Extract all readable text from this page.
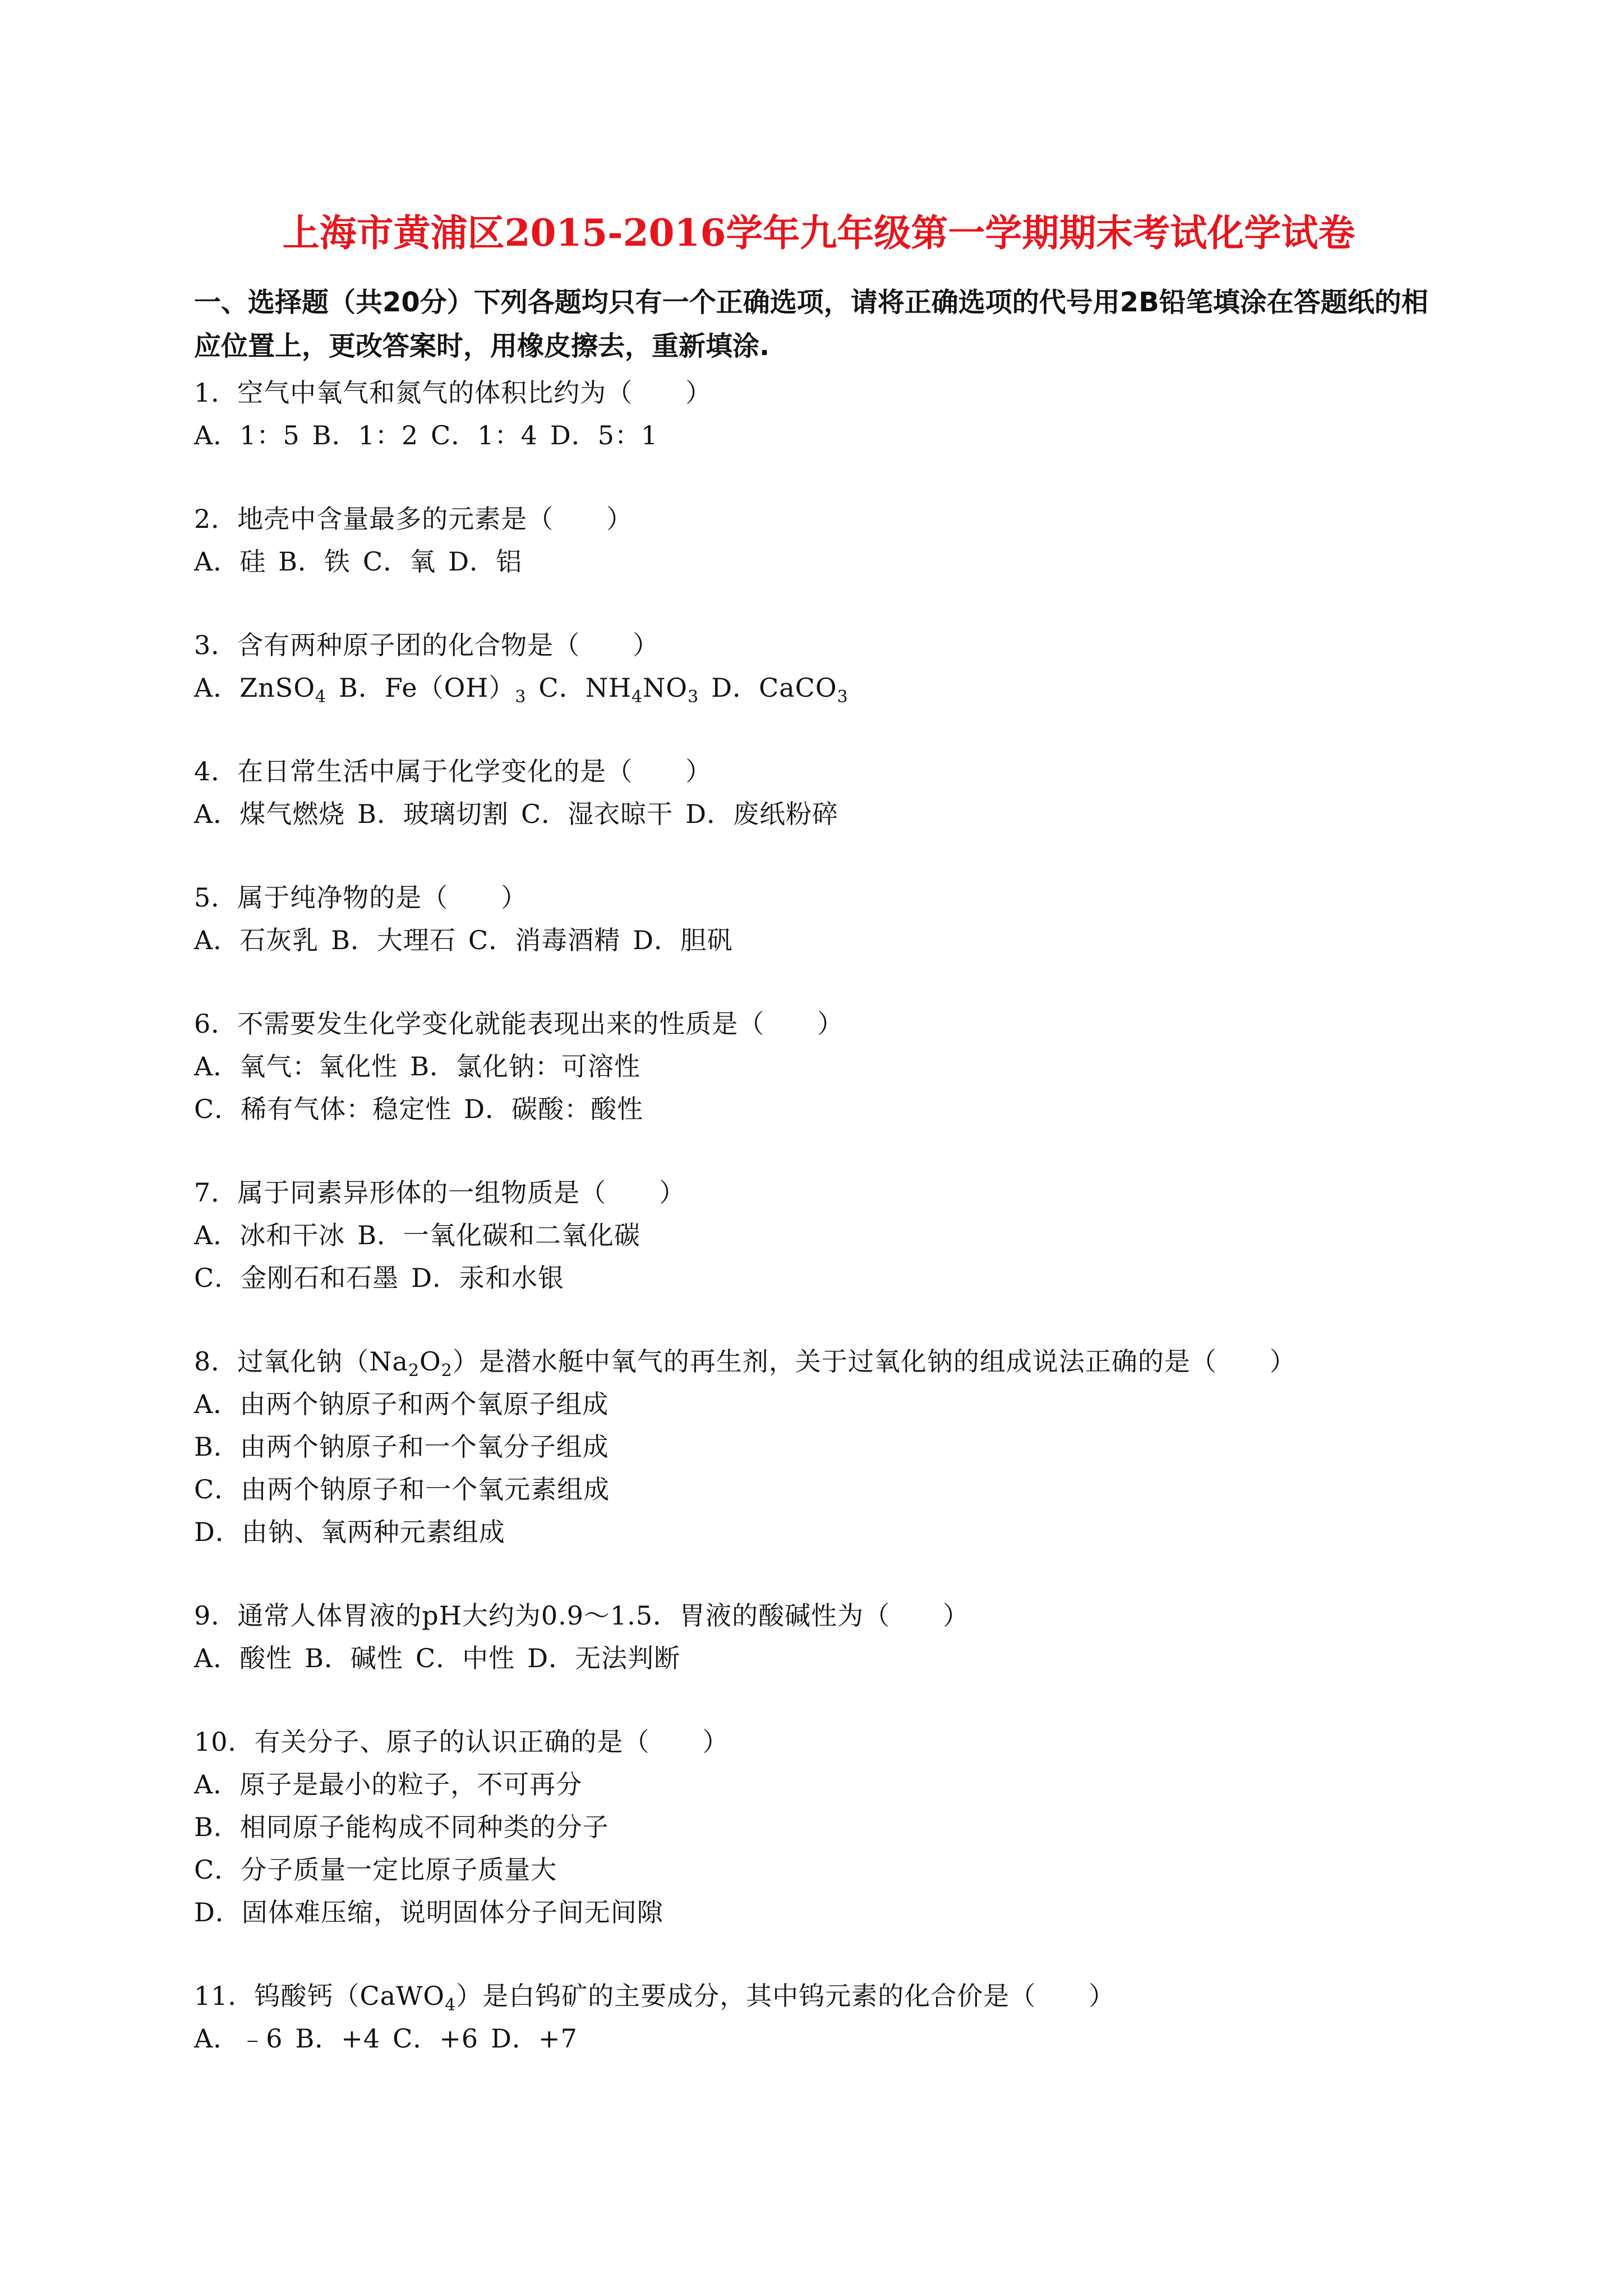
上海市黄浦区2015-2016学年九年级第一学期期末考试化学试卷
一、选择题（共20分）下列各题均只有一个正确选项，请将正确选项的代号用2B铅笔填涂在答题纸的相应位置上，更改答案时，用橡皮擦去，重新填涂.
1．空气中氧气和氮气的体积比约为（　　）
A．1：5 B．1：2 C．1：4 D．5：1
2．地壳中含量最多的元素是（　　）
A．硅 B．铁 C．氧 D．铝
3．含有两种原子团的化合物是（　　）
A．ZnSO$_4$ B．$Fe(OH)_3$ C．$NH_4NO_3$ D．CaCO$_3$
4．在日常生活中属于化学变化的是（　　）
A．煤气燃烧 B．玻璃切割 C．湿衣晾干 D．废纸粉碎
5．属于纯净物的是（　　）
A．石灰乳 B．大理石 C．消毒酒精 D．胆矾
6．不需要发生化学变化就能表现出来的性质是（　　）
A．氧气：氧化性 B．氯化钠：可溶性
C．稀有气体：稳定性 D．碳酸：酸性
7．属于同素异形体的一组物质是（　　）
A．冰和干冰 B．一氧化碳和二氧化碳
C．金刚石和石墨 D．汞和水银
8．过氧化钠$(Na_2O_2)$是潜水艇中氧气的再生剂，关于过氧化钠的组成说法正确的是（　　）
A．由两个钠原子和两个氧原子组成
B．由两个钠原子和一个氧分子组成
C．由两个钠原子和一个氧元素组成
D．由钠、氧两种元素组成
9．通常人体胃液的pH大约为0.9～1.5．胃液的酸碱性为（　　）
A．酸性 B．碱性 C．中性 D．无法判断
10．有关分子、原子的认识正确的是（　　）
A．原子是最小的粒子，不可再分
B．相同原子能构成不同种类的分子
C．分子质量一定比原子质量大
D．固体难压缩，说明固体分子间无间隙
11．钨酸钙（CaWO$_4$）是白钨矿的主要成分，其中钨元素的化合价是（　　）
A．﹣6 B．+4 C．+6 D．+7
